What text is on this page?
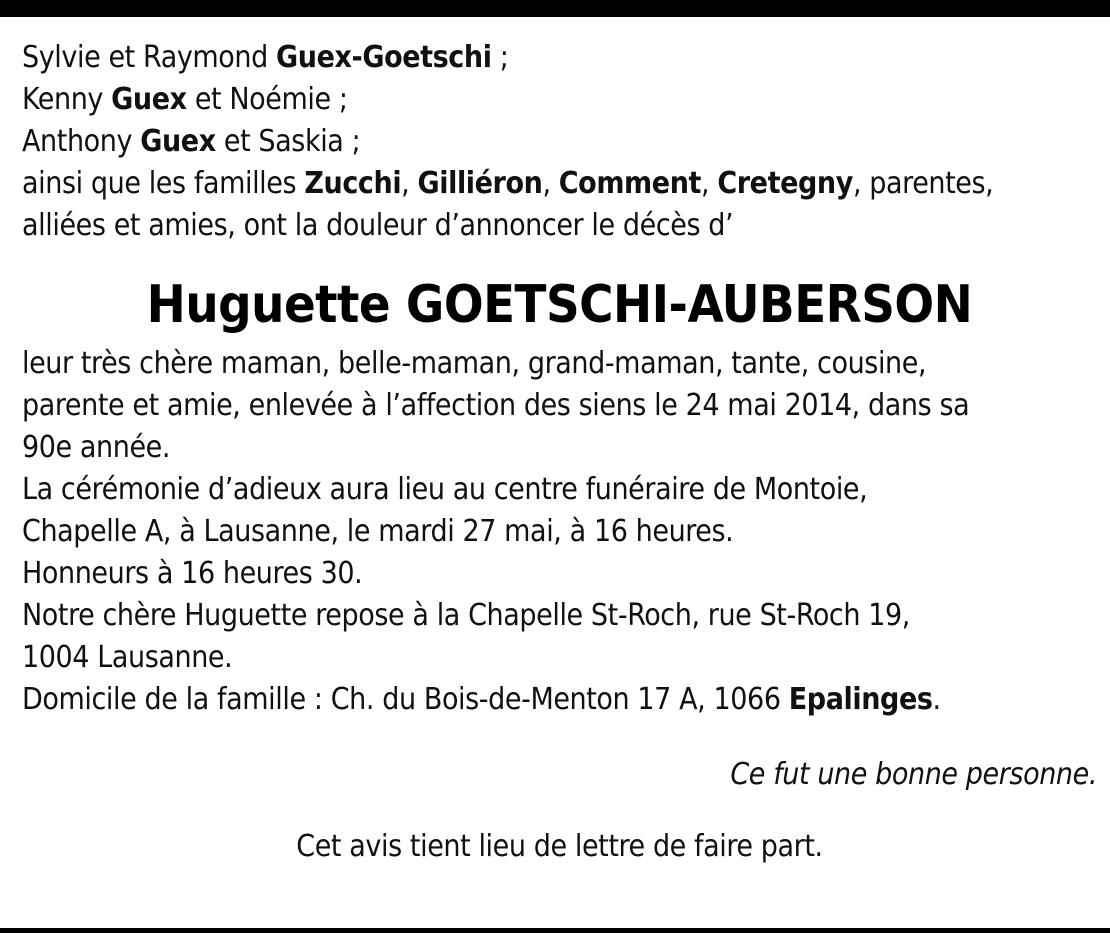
Sylvie et Raymond Guex-Goetschi ;
Kenny Guex et Noémie ;
Anthony Guex et Saskia ;
ainsi que les familles Zucchi, Gilliéron, Comment, Cretegny, parentes,
alliées et amies, ont la douleur d’annoncer le décès d’
Huguette GOETSCHI-AUBERSON
leur très chère maman, belle-maman, grand-maman, tante, cousine,
parente et amie, enlevée à l’affection des siens le 24 mai 2014, dans sa
90e année.
La cérémonie d’adieux aura lieu au centre funéraire de Montoie,
Chapelle A, à Lausanne, le mardi 27 mai, à 16 heures.
Honneurs à 16 heures 30.
Notre chère Huguette repose à la Chapelle St-Roch, rue St-Roch 19,
1004 Lausanne.
Domicile de la famille : Ch. du Bois-de-Menton 17 A, 1066 Epalinges.
Ce fut une bonne personne.
Cet avis tient lieu de lettre de faire part.
